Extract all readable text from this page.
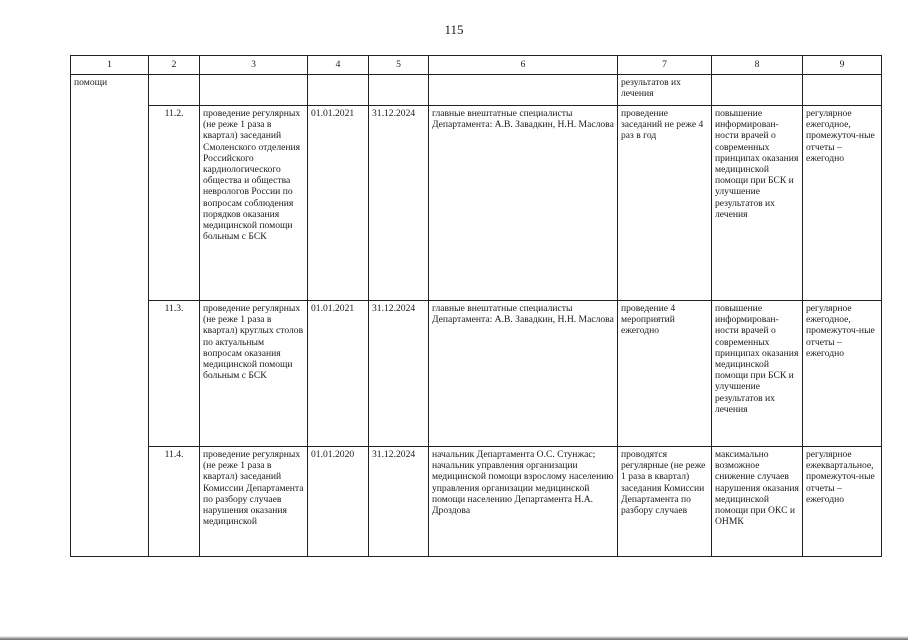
115
1	2	3	4	5	6	7	8	9
помощи						результатов их лечения		
	11.2.	проведение регулярных (не реже 1 раза в квартал) заседаний Смоленского отделения Российского кардиологического общества и общества неврологов России по вопросам соблюдения порядков оказания медицинской помощи больным с БСК	01.01.2021	31.12.2024	главные внештатные специалисты Департамента: А.В. Завадкин, Н.Н. Маслова	проведение заседаний не реже 4 раз в год	повышение информирован-ности врачей о современных принципах оказания медицинской помощи при БСК и улучшение результатов их лечения	регулярное ежегодное, промежуточ-ные отчеты – ежегодно
	11.3.	проведение регулярных (не реже 1 раза в квартал) круглых столов по актуальным вопросам оказания медицинской помощи больным с БСК	01.01.2021	31.12.2024	главные внештатные специалисты Департамента: А.В. Завадкин, Н.Н. Маслова	проведение 4 мероприятий ежегодно	повышение информирован-ности врачей о современных принципах оказания медицинской помощи при БСК и улучшение результатов их лечения	регулярное ежегодное, промежуточ-ные отчеты – ежегодно
	11.4.	проведение регулярных (не реже 1 раза в квартал) заседаний Комиссии Департамента по разбору случаев нарушения оказания медицинской	01.01.2020	31.12.2024	начальник Департамента О.С. Стунжас; начальник управления организации медицинской помощи взрослому населению управления организации медицинской помощи населению Департамента Н.А. Дроздова	проводятся регулярные (не реже 1 раза в квартал) заседания Комиссии Департамента по разбору случаев	максимально возможное снижение случаев нарушения оказания медицинской помощи при ОКС и ОНМК	регулярное ежеквартальное, промежуточ-ные отчеты – ежегодно
